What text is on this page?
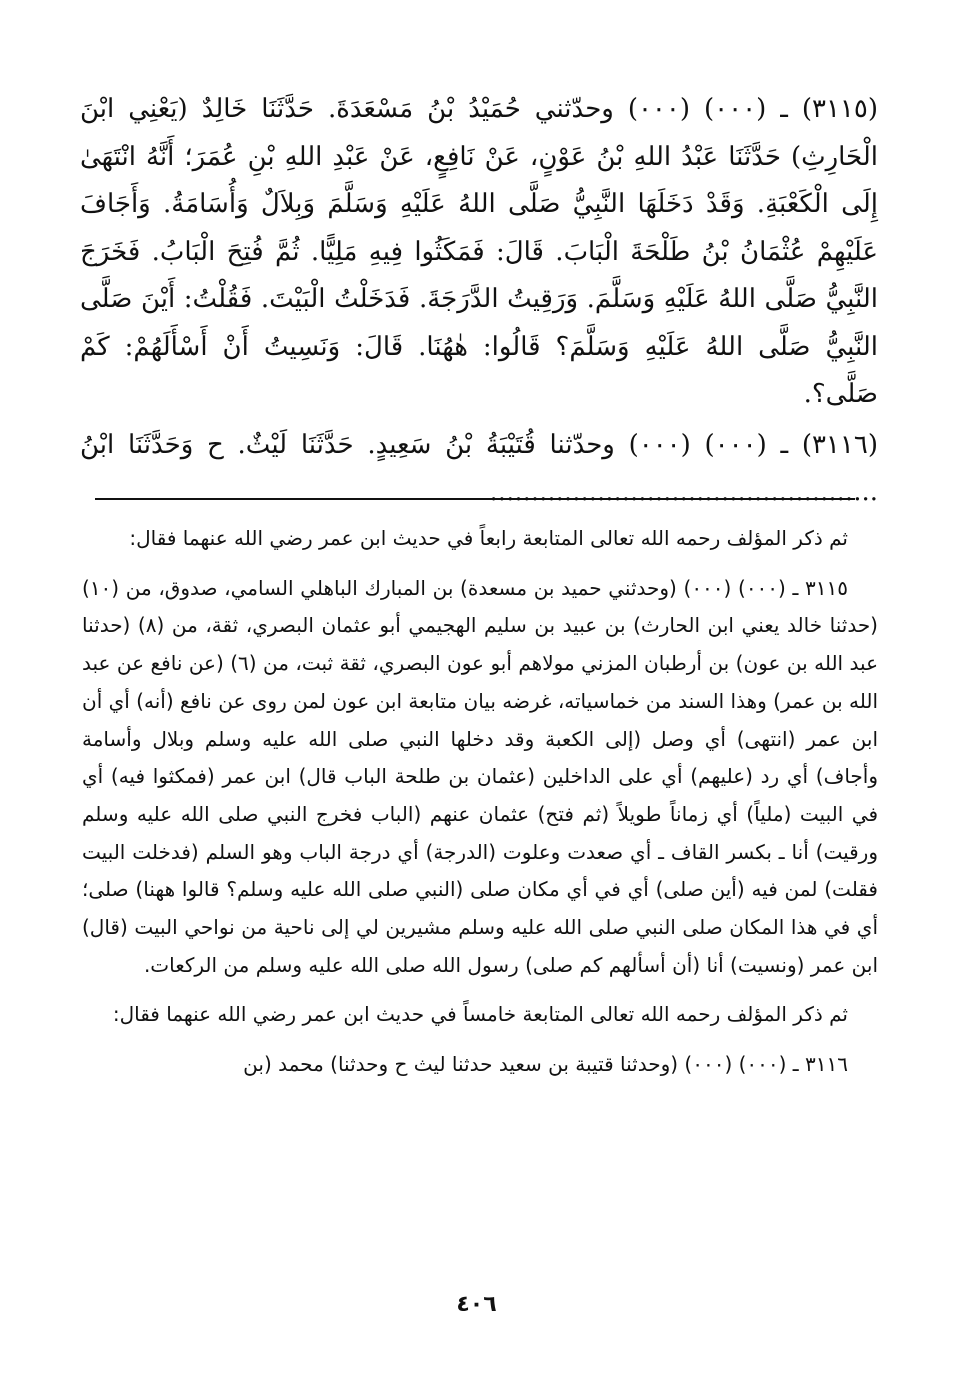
(٣١١٥) ـ (٠٠٠) (٠٠٠) وحدّثني حُمَيْدُ بْنُ مَسْعَدَةَ. حَدَّثَنَا خَالِدٌ (يَعْنِي ابْنَ الْحَارِثِ) حَدَّثَنَا عَبْدُ اللهِ بْنُ عَوْنٍ، عَنْ نَافِعٍ، عَنْ عَبْدِ اللهِ بْنِ عُمَرَ؛ أَنَّهُ انْتَهَىٰ إِلَى الْكَعْبَةِ. وَقَدْ دَخَلَهَا النَّبِيُّ صَلَّى اللهُ عَلَيْهِ وَسَلَّمَ وَبِلاَلٌ وَأُسَامَةُ. وَأَجَافَ عَلَيْهِمْ عُثْمَانُ بْنُ طَلْحَةَ الْبَابَ. قَالَ: فَمَكَثُوا فِيهِ مَلِيًّا. ثُمَّ فُتِحَ الْبَابُ. فَخَرَجَ النَّبِيُّ صَلَّى اللهُ عَلَيْهِ وَسَلَّمَ. وَرَقِيتُ الدَّرَجَةَ. فَدَخَلْتُ الْبَيْتَ. فَقُلْتُ: أَيْنَ صَلَّى النَّبِيُّ صَلَّى اللهُ عَلَيْهِ وَسَلَّمَ؟ قَالُوا: هٰهُنَا. قَالَ: وَنَسِيتُ أَنْ أَسْأَلَهُمْ: كَمْ صَلَّى؟.

(٣١١٦) ـ (٠٠٠) (٠٠٠) وحدّثنا قُتَيْبَةُ بْنُ سَعِيدٍ. حَدَّثَنَا لَيْثٌ. ح وَحَدَّثَنَا ابْنُ .....

ثم ذكر المؤلف رحمه الله تعالى المتابعة رابعاً في حديث ابن عمر رضي الله عنهما فقال:

٣١١٥ ـ (٠٠٠) (٠٠٠) (وحدثني حميد بن مسعدة) بن المبارك الباهلي السامي، صدوق، من (١٠) (حدثنا خالد يعني ابن الحارث) بن عبيد بن سليم الهجيمي أبو عثمان البصري، ثقة، من (٨) (حدثنا عبد الله بن عون) بن أرطبان المزني مولاهم أبو عون البصري، ثقة ثبت، من (٦) (عن نافع عن عبد الله بن عمر) وهذا السند من خماسياته، غرضه بيان متابعة ابن عون لمن روى عن نافع (أنه) أي أن ابن عمر (انتهى) أي وصل (إلى الكعبة وقد دخلها النبي صلى الله عليه وسلم وبلال وأسامة وأجاف) أي رد (عليهم) أي على الداخلين (عثمان بن طلحة الباب قال) ابن عمر (فمكثوا فيه) أي في البيت (ملياً) أي زماناً طويلاً (ثم فتح) عثمان عنهم (الباب فخرج النبي صلى الله عليه وسلم ورقيت) أنا ـ بكسر القاف ـ أي صعدت وعلوت (الدرجة) أي درجة الباب وهو السلم (فدخلت البيت فقلت) لمن فيه (أين صلى) أي في أي مكان صلى (النبي صلى الله عليه وسلم؟ قالوا ههنا) صلى؛ أي في هذا المكان صلى النبي صلى الله عليه وسلم مشيرين لي إلى ناحية من نواحي البيت (قال) ابن عمر (ونسيت) أنا (أن أسألهم كم صلى) رسول الله صلى الله عليه وسلم من الركعات.

ثم ذكر المؤلف رحمه الله تعالى المتابعة خامساً في حديث ابن عمر رضي الله عنهما فقال:

٣١١٦ ـ (٠٠٠) (٠٠٠) (وحدثنا قتيبة بن سعيد حدثنا ليث ح وحدثنا) محمد (بن

٤٠٦
